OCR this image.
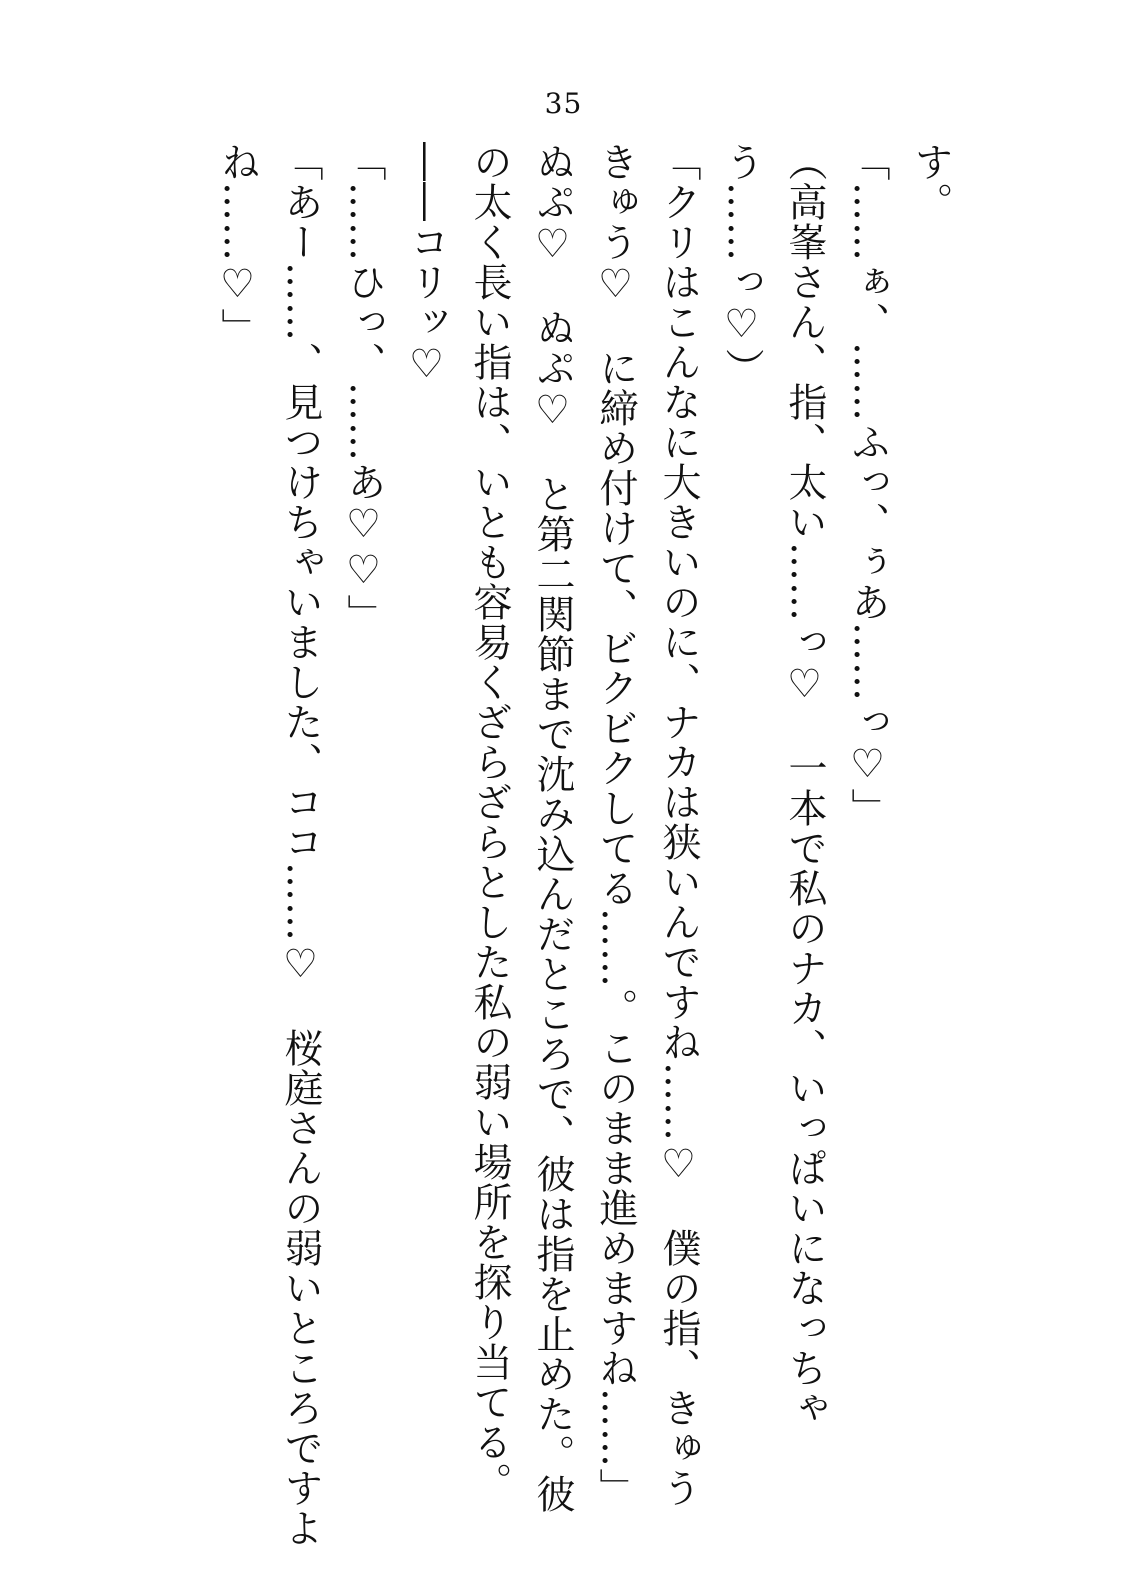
35

す。

「……ぁ、……ふっ、ぅあ……っ♡」

（高峯さん、指、太い……っ♡　一本で私のナカ、いっぱいになっちゃ

う……っ♡）

「クリはこんなに大きいのに、ナカは狭いんですね……♡　僕の指、きゅう

きゅう♡　に締め付けて、ビクビクしてる……。このまま進めますね……」

ぬぷ♡　ぬぷ♡　と第二関節まで沈み込んだところで、彼は指を止めた。彼

の太く長い指は、いとも容易くざらざらとした私の弱い場所を探り当てる。

――コリッ♡

「……ひっ、……あ♡♡」

「あー……、見つけちゃいました、ココ……♡　桜庭さんの弱いところですよ

ね……♡」
